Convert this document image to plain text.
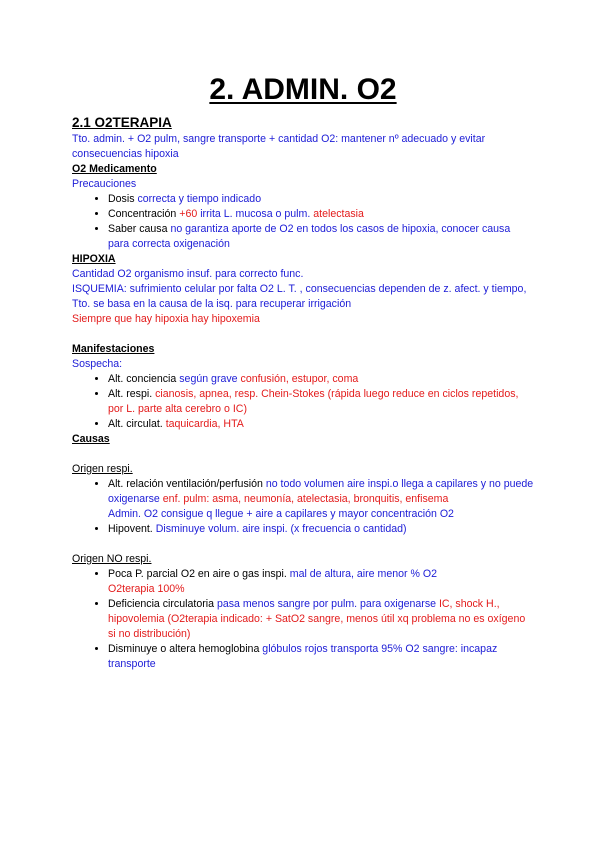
2. ADMIN. O2
2.1 O2TERAPIA

Tto. admin. + O2 pulm, sangre transporte + cantidad O2: mantener nº adecuado y evitar consecuencias hipoxia

O2 Medicamento

Precauciones

• Dosis correcta y tiempo indicado
• Concentración +60 irrita L. mucosa o pulm. atelectasia
• Saber causa no garantiza aporte de O2 en todos los casos de hipoxia, conocer causa para correcta oxigenación

HIPOXIA

Cantidad O2 organismo insuf. para correcto func.

ISQUEMIA: sufrimiento celular por falta O2 L. T. , consecuencias dependen de z. afect. y tiempo, Tto. se basa en la causa de la isq. para recuperar irrigación

Siempre que hay hipoxia hay hipoxemia

Manifestaciones

Sospecha:

• Alt. conciencia según grave confusión, estupor, coma
• Alt. respi. cianosis, apnea, resp. Chein-Stokes (rápida luego reduce en ciclos repetidos, por L. parte alta cerebro o IC)
• Alt. circulat. taquicardia, HTA

Causas

Origen respi.

• Alt. relación ventilación/perfusión no todo volumen aire inspi.o llega a capilares y no puede oxigenarse enf. pulm: asma, neumonía, atelectasia, bronquitis, enfisema
Admin. O2 consigue q llegue + aire a capilares y mayor concentración O2
• Hipovent. Disminuye volum. aire inspi. (x frecuencia o cantidad)

Origen NO respi.

• Poca P. parcial O2 en aire o gas inspi. mal de altura, aire menor % O2
O2terapia 100%
• Deficiencia circulatoria pasa menos sangre por pulm. para oxigenarse IC, shock H., hipovolemia (O2terapia indicado: + SatO2 sangre, menos útil xq problema no es oxígeno si no distribución)
• Disminuye o altera hemoglobina glóbulos rojos transporta 95% O2 sangre: incapaz transporte
